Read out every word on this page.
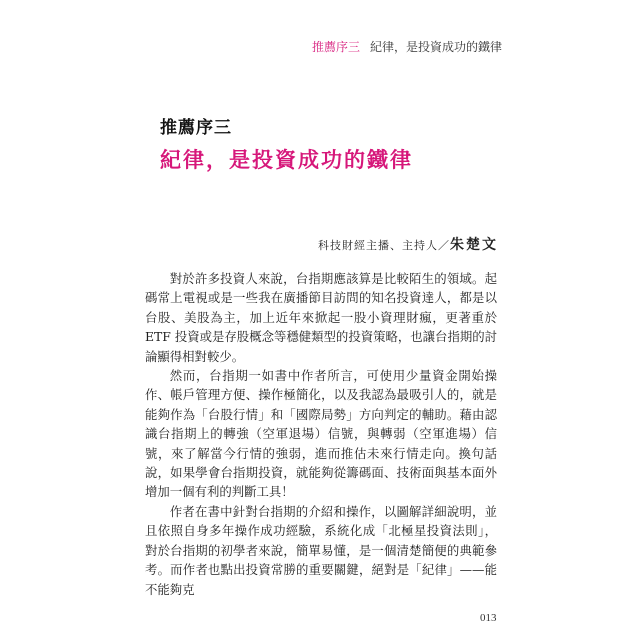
推薦序三 紀律，是投資成功的鐵律
推薦序三
紀律，是投資成功的鐵律
科技財經主播、主持人／朱楚文

對於許多投資人來說，台指期應該算是比較陌生的領域。起碼常上電視或是一些我在廣播節目訪問的知名投資達人，都是以台股、美股為主，加上近年來掀起一股小資理財瘋，更著重於 ETF 投資或是存股概念等穩健類型的投資策略，也讓台指期的討論顯得相對較少。

然而，台指期一如書中作者所言，可使用少量資金開始操作、帳戶管理方便、操作極簡化，以及我認為最吸引人的，就是能夠作為「台股行情」和「國際局勢」方向判定的輔助。藉由認識台指期上的轉強（空軍退場）信號，與轉弱（空軍進場）信號，來了解當今行情的強弱，進而推估未來行情走向。換句話說，如果學會台指期投資，就能夠從籌碼面、技術面與基本面外增加一個有利的判斷工具！

作者在書中針對台指期的介紹和操作，以圖解詳細說明，並且依照自身多年操作成功經驗，系統化成「北極星投資法則」，對於台指期的初學者來說，簡單易懂，是一個清楚簡便的典範參考。而作者也點出投資常勝的重要關鍵，絕對是「紀律」——能不能夠克

013
